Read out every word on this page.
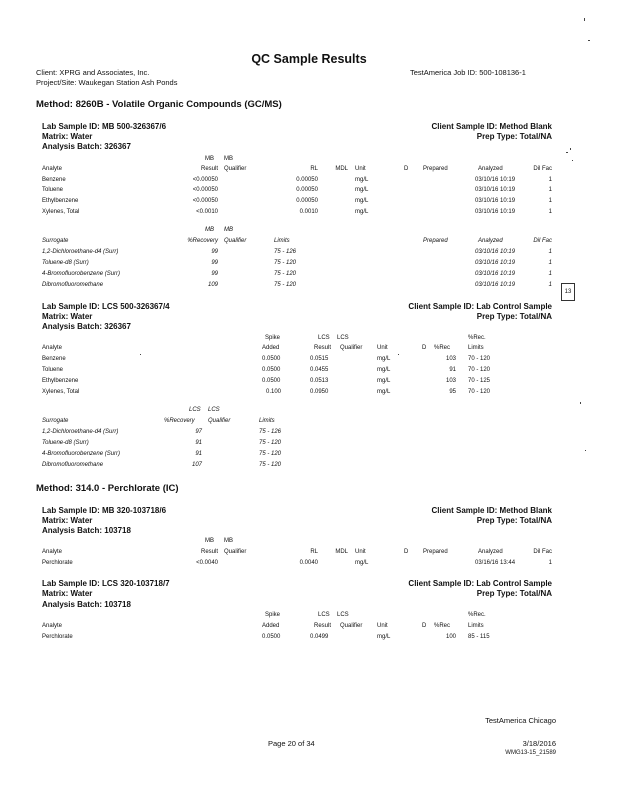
QC Sample Results
Client: XPRG and Associates, Inc.
Project/Site: Waukegan Station Ash Ponds
TestAmerica Job ID: 500-108136-1
Method: 8260B - Volatile Organic Compounds (GC/MS)
Lab Sample ID: MB 500-326367/6
Matrix: Water
Analysis Batch: 326367
Client Sample ID: Method Blank
Prep Type: Total/NA
MB MB
Analyte	Result Qualifier	RL	MDL Unit	D Prepared	Analyzed	Dil Fac
Benzene	<0.00050	0.00050	mg/L	03/10/16 10:19	1
Toluene	<0.00050	0.00050	mg/L	03/10/16 10:19	1
Ethylbenzene	<0.00050	0.00050	mg/L	03/10/16 10:19	1
Xylenes, Total	<0.0010	0.0010	mg/L	03/10/16 10:19	1
MB MB
Surrogate	%Recovery Qualifier	Limits	Prepared	Analyzed	Dil Fac
1,2-Dichloroethane-d4 (Surr)	99	75 - 126	03/10/16 10:19	1
Toluene-d8 (Surr)	99	75 - 120	03/10/16 10:19	1
4-Bromofluorobenzene (Surr)	99	75 - 120	03/10/16 10:19	1
Dibromofluoromethane	109	75 - 120	03/10/16 10:19	1
Lab Sample ID: LCS 500-326367/4
Matrix: Water
Analysis Batch: 326367
Client Sample ID: Lab Control Sample
Prep Type: Total/NA
Spike	LCS LCS	%Rec.
Analyte	Added	Result Qualifier Unit	D %Rec	Limits
Benzene	0.0500	0.0515	mg/L	103 70 - 120
Toluene	0.0500	0.0455	mg/L	91 70 - 120
Ethylbenzene	0.0500	0.0513	mg/L	103 70 - 125
Xylenes, Total	0.100	0.0950	mg/L	95 70 - 120
LCS LCS
Surrogate	%Recovery Qualifier	Limits
1,2-Dichloroethane-d4 (Surr)	97	75 - 126
Toluene-d8 (Surr)	91	75 - 120
4-Bromofluorobenzene (Surr)	91	75 - 120
Dibromofluoromethane	107	75 - 120
Method: 314.0 - Perchlorate (IC)
Lab Sample ID: MB 320-103718/6
Matrix: Water
Analysis Batch: 103718
Client Sample ID: Method Blank
Prep Type: Total/NA
MB MB
Analyte	Result Qualifier	RL	MDL Unit	D Prepared	Analyzed	Dil Fac
Perchlorate	<0.0040	0.0040	mg/L	03/16/16 13:44	1
Lab Sample ID: LCS 320-103718/7
Matrix: Water
Analysis Batch: 103718
Client Sample ID: Lab Control Sample
Prep Type: Total/NA
Spike	LCS LCS	%Rec.
Analyte	Added	Result Qualifier Unit	D %Rec	Limits
Perchlorate	0.0500	0.0499	mg/L	100 85 - 115
TestAmerica Chicago
Page 20 of 34	3/18/2016
WMG13-15_21589
13
